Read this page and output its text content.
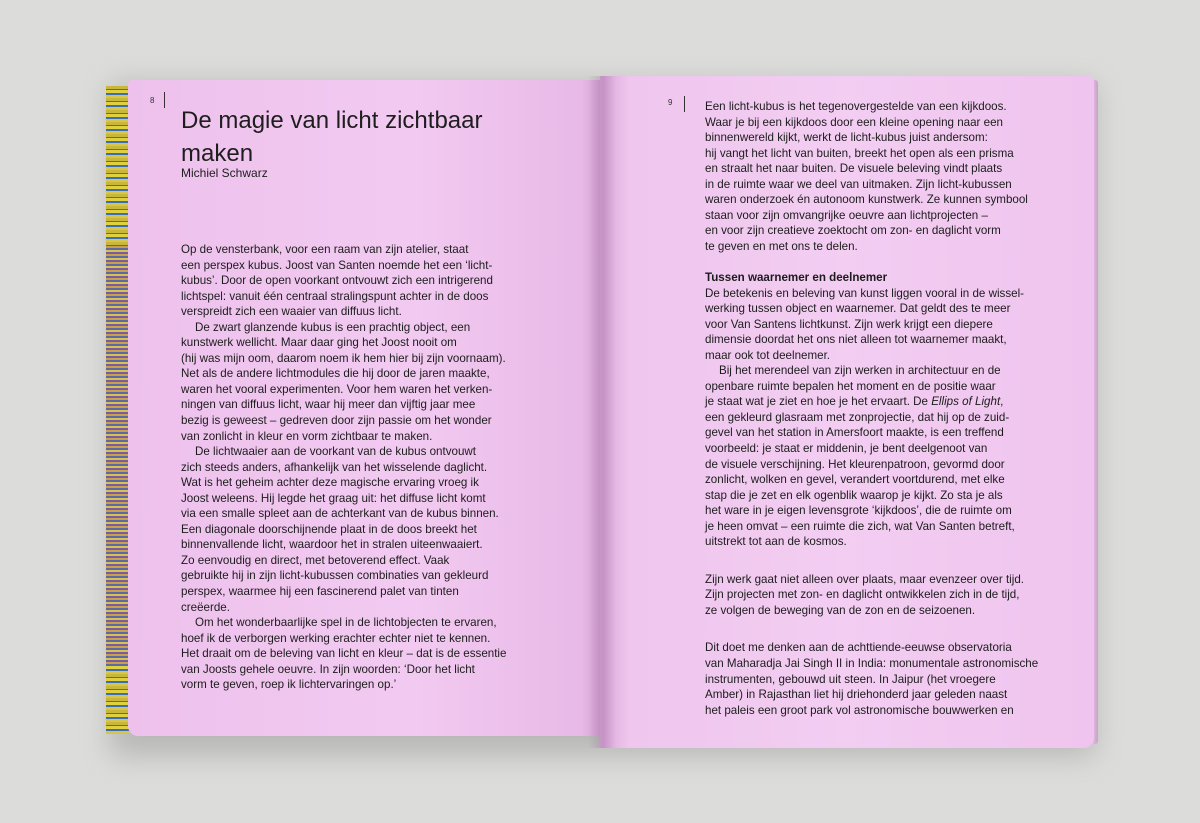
8
De magie van licht zichtbaar maken
Michiel Schwarz

Op de vensterbank, voor een raam van zijn atelier, staat
een perspex kubus. Joost van Santen noemde het een ‘licht-
kubus’. Door de open voorkant ontvouwt zich een intrigerend
lichtspel: vanuit één centraal stralingspunt achter in de doos
verspreidt zich een waaier van diffuus licht.

De zwart glanzende kubus is een prachtig object, een
kunstwerk wellicht. Maar daar ging het Joost nooit om
(hij was mijn oom, daarom noem ik hem hier bij zijn voornaam).
Net als de andere lichtmodules die hij door de jaren maakte,
waren het vooral experimenten. Voor hem waren het verken-
ningen van diffuus licht, waar hij meer dan vijftig jaar mee
bezig is geweest – gedreven door zijn passie om het wonder
van zonlicht in kleur en vorm zichtbaar te maken.

De lichtwaaier aan de voorkant van de kubus ontvouwt
zich steeds anders, afhankelijk van het wisselende daglicht.
Wat is het geheim achter deze magische ervaring vroeg ik
Joost weleens. Hij legde het graag uit: het diffuse licht komt
via een smalle spleet aan de achterkant van de kubus binnen.
Een diagonale doorschijnende plaat in de doos breekt het
binnenvallende licht, waardoor het in stralen uiteenwaaiert.
Zo eenvoudig en direct, met betoverend effect. Vaak
gebruikte hij in zijn licht-kubussen combinaties van gekleurd
perspex, waarmee hij een fascinerend palet van tinten
creëerde.

Om het wonderbaarlijke spel in de lichtobjecten te ervaren,
hoef ik de verborgen werking erachter echter niet te kennen.
Het draait om de beleving van licht en kleur – dat is de essentie
van Joosts gehele oeuvre. In zijn woorden: ‘Door het licht
vorm te geven, roep ik lichtervaringen op.’

9	Een licht-kubus is het tegenovergestelde van een kijkdoos.
Waar je bij een kijkdoos door een kleine opening naar een
binnenwereld kijkt, werkt de licht-kubus juist andersom:
hij vangt het licht van buiten, breekt het open als een prisma
en straalt het naar buiten. De visuele beleving vindt plaats
in de ruimte waar we deel van uitmaken. Zijn licht-kubussen
waren onderzoek én autonoom kunstwerk. Ze kunnen symbool
staan voor zijn omvangrijke oeuvre aan lichtprojecten –
en voor zijn creatieve zoektocht om zon- en daglicht vorm
te geven en met ons te delen.

Tussen waarnemer en deelnemer

De betekenis en beleving van kunst liggen vooral in de wissel-
werking tussen object en waarnemer. Dat geldt des te meer
voor Van Santens lichtkunst. Zijn werk krijgt een diepere
dimensie doordat het ons niet alleen tot waarnemer maakt,
maar ook tot deelnemer.

Bij het merendeel van zijn werken in architectuur en de
openbare ruimte bepalen het moment en de positie waar
je staat wat je ziet en hoe je het ervaart. De Ellips of Light,
een gekleurd glasraam met zonprojectie, dat hij op de zuid-
gevel van het station in Amersfoort maakte, is een treffend
voorbeeld: je staat er middenin, je bent deelgenoot van
de visuele verschijning. Het kleurenpatroon, gevormd door
zonlicht, wolken en gevel, verandert voortdurend, met elke
stap die je zet en elk ogenblik waarop je kijkt. Zo sta je als
het ware in je eigen levensgrote ‘kijkdoos’, die de ruimte om
je heen omvat – een ruimte die zich, wat Van Santen betreft,
uitstrekt tot aan de kosmos.

Zijn werk gaat niet alleen over plaats, maar evenzeer over tijd.
Zijn projecten met zon- en daglicht ontwikkelen zich in de tijd,
ze volgen de beweging van de zon en de seizoenen.

Dit doet me denken aan de achttiende-eeuwse observatoria
van Maharadja Jai Singh II in India: monumentale astronomische
instrumenten, gebouwd uit steen. In Jaipur (het vroegere
Amber) in Rajasthan liet hij driehonderd jaar geleden naast
het paleis een groot park vol astronomische bouwwerken en
